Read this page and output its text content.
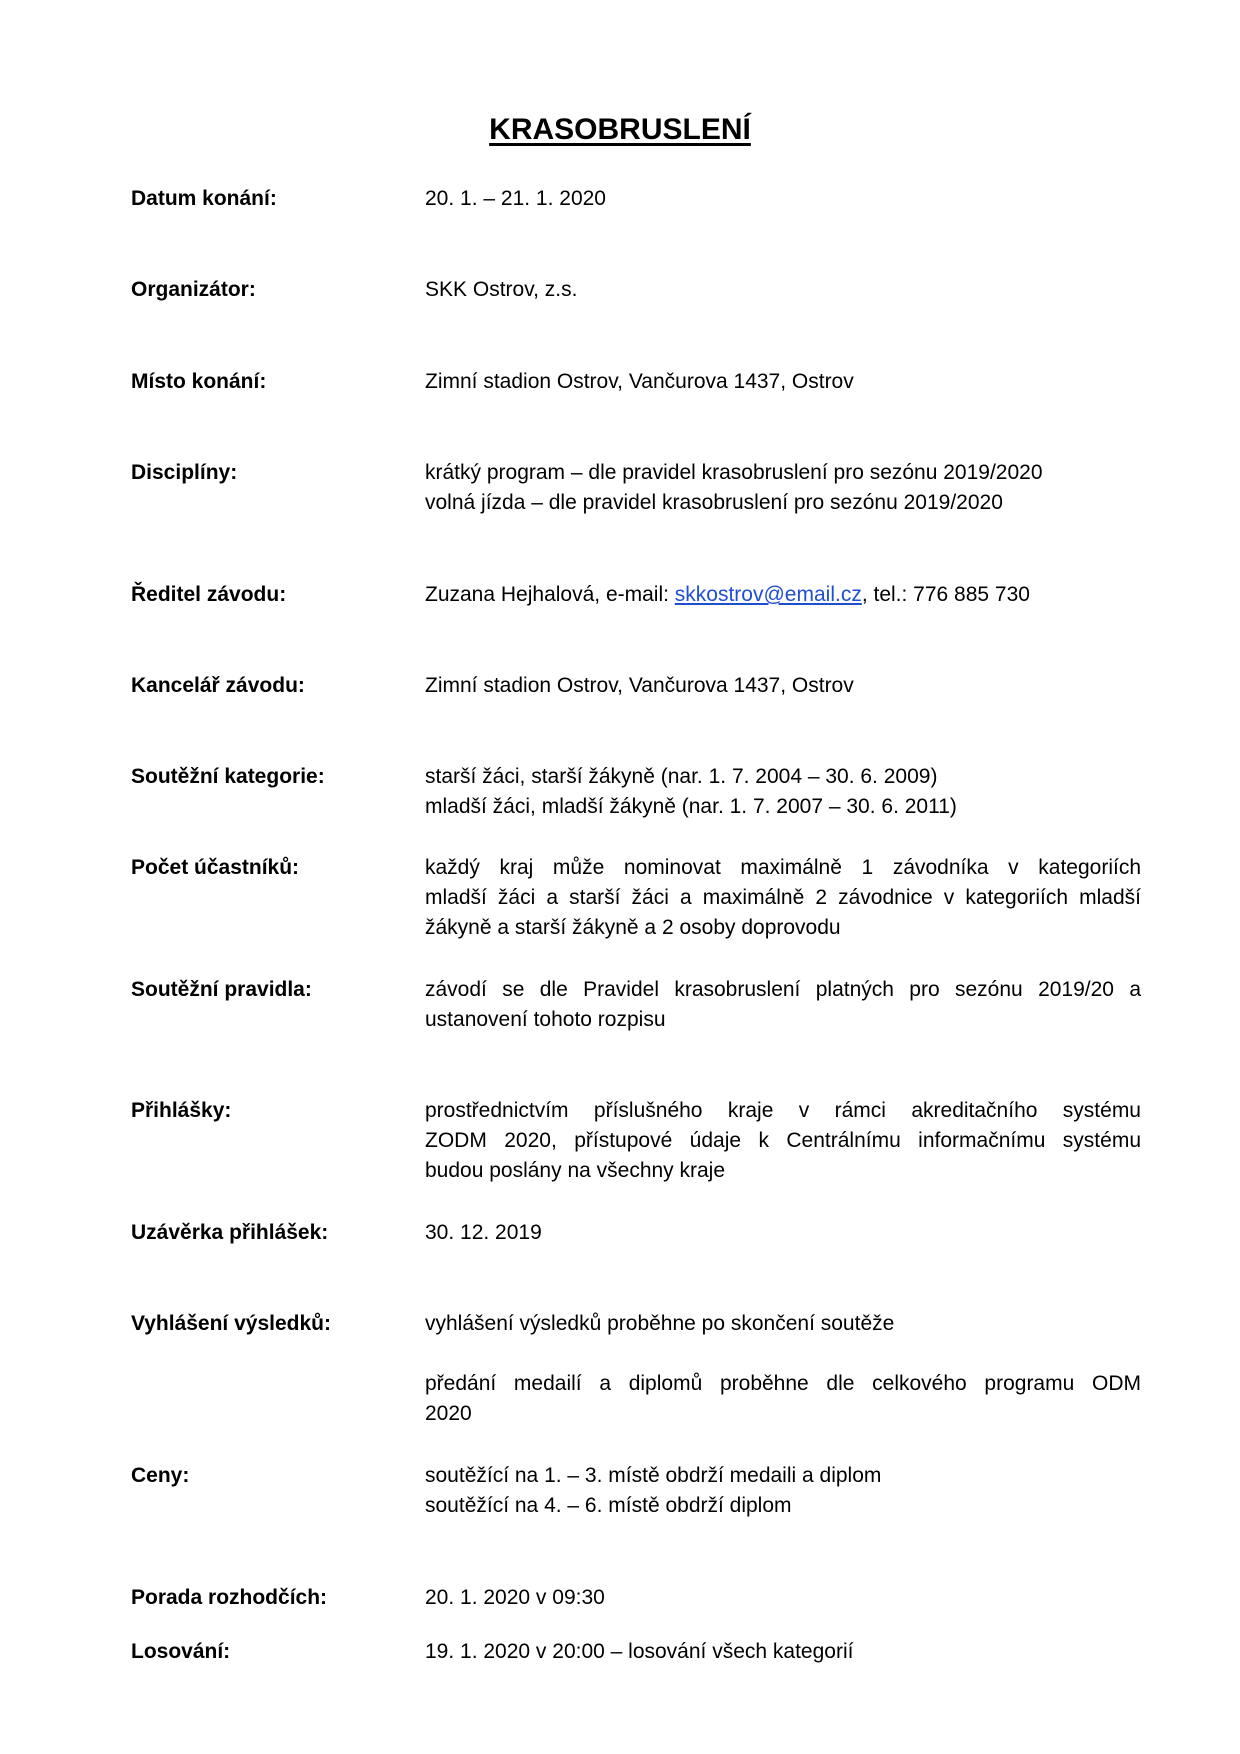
KRASOBRUSLENÍ
Datum konání:	20. 1. – 21. 1. 2020
Organizátor:	SKK Ostrov, z.s.
Místo konání:	Zimní stadion Ostrov, Vančurova 1437, Ostrov
Disciplíny:	krátký program – dle pravidel krasobruslení pro sezónu 2019/2020
volná jízda – dle pravidel krasobruslení pro sezónu 2019/2020
Ředitel závodu:	Zuzana Hejhalová, e-mail: skkostrov@email.cz, tel.: 776 885 730
Kancelář závodu:	Zimní stadion Ostrov, Vančurova 1437, Ostrov
Soutěžní kategorie:	starší žáci, starší žákyně (nar. 1. 7. 2004 – 30. 6. 2009)
mladší žáci, mladší žákyně (nar. 1. 7. 2007 – 30. 6. 2011)
Počet účastníků:	každý kraj může nominovat maximálně 1 závodníka v kategoriích
mladší žáci a starší žáci a maximálně 2 závodnice v kategoriích mladší
žákyně a starší žákyně a 2 osoby doprovodu
Soutěžní pravidla:	závodí se dle Pravidel krasobruslení platných pro sezónu 2019/20 a
ustanovení tohoto rozpisu
Přihlášky:	prostřednictvím příslušného kraje v rámci akreditačního systému
ZODM 2020, přístupové údaje k Centrálnímu informačnímu systému
budou poslány na všechny kraje
Uzávěrka přihlášek:	30. 12. 2019
Vyhlášení výsledků:	vyhlášení výsledků proběhne po skončení soutěže
předání medailí a diplomů proběhne dle celkového programu ODM
2020
Ceny:	soutěžící na 1. – 3. místě obdrží medaili a diplom
soutěžící na 4. – 6. místě obdrží diplom
Porada rozhodčích:	20. 1. 2020 v 09:30
Losování:	19. 1. 2020 v 20:00 – losování všech kategorií
